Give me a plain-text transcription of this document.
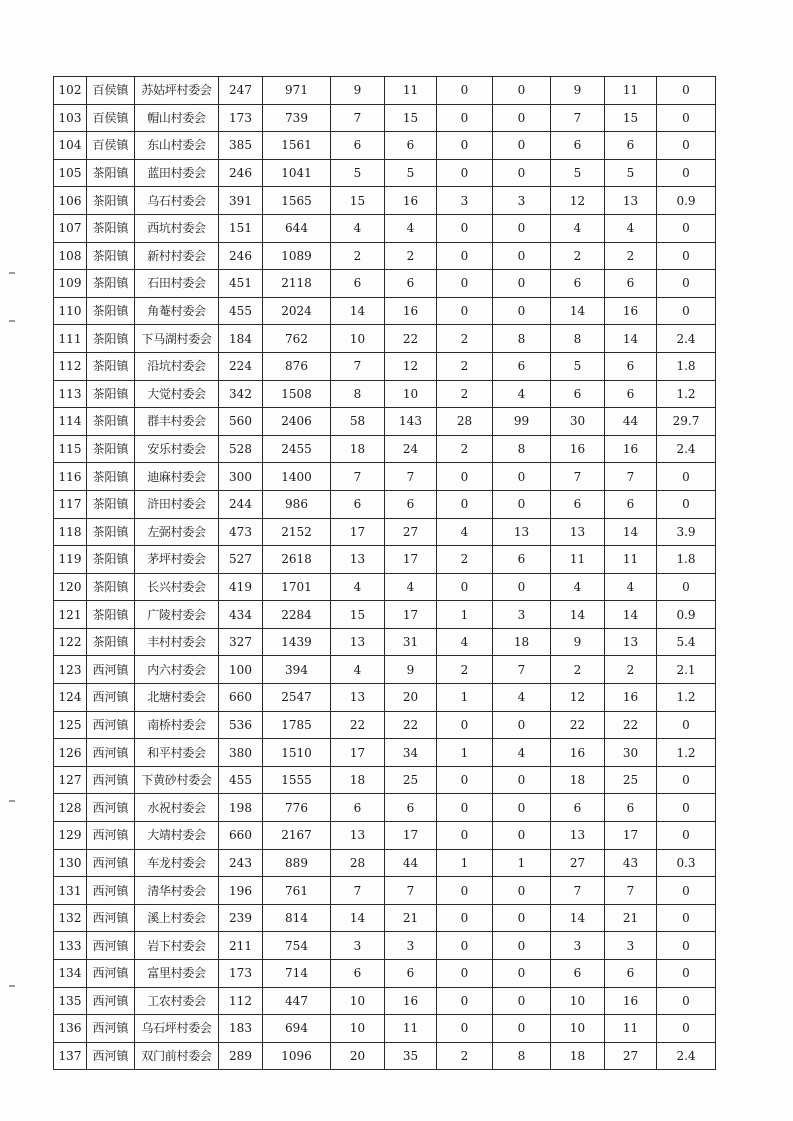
102	百侯镇	苏姑坪村委会	247	971	9	11	0	0	9	11	0
103	百侯镇	帽山村委会	173	739	7	15	0	0	7	15	0
104	百侯镇	东山村委会	385	1561	6	6	0	0	6	6	0
105	茶阳镇	蓝田村委会	246	1041	5	5	0	0	5	5	0
106	茶阳镇	乌石村委会	391	1565	15	16	3	3	12	13	0.9
107	茶阳镇	西坑村委会	151	644	4	4	0	0	4	4	0
108	茶阳镇	新村村委会	246	1089	2	2	0	0	2	2	0
109	茶阳镇	石田村委会	451	2118	6	6	0	0	6	6	0
110	茶阳镇	角菴村委会	455	2024	14	16	0	0	14	16	0
111	茶阳镇	下马湖村委会	184	762	10	22	2	8	8	14	2.4
112	茶阳镇	沿坑村委会	224	876	7	12	2	6	5	6	1.8
113	茶阳镇	大觉村委会	342	1508	8	10	2	4	6	6	1.2
114	茶阳镇	群丰村委会	560	2406	58	143	28	99	30	44	29.7
115	茶阳镇	安乐村委会	528	2455	18	24	2	8	16	16	2.4
116	茶阳镇	迪麻村委会	300	1400	7	7	0	0	7	7	0
117	茶阳镇	浒田村委会	244	986	6	6	0	0	6	6	0
118	茶阳镇	左弼村委会	473	2152	17	27	4	13	13	14	3.9
119	茶阳镇	茅坪村委会	527	2618	13	17	2	6	11	11	1.8
120	茶阳镇	长兴村委会	419	1701	4	4	0	0	4	4	0
121	茶阳镇	广陵村委会	434	2284	15	17	1	3	14	14	0.9
122	茶阳镇	丰村村委会	327	1439	13	31	4	18	9	13	5.4
123	西河镇	内六村委会	100	394	4	9	2	7	2	2	2.1
124	西河镇	北塘村委会	660	2547	13	20	1	4	12	16	1.2
125	西河镇	南桥村委会	536	1785	22	22	0	0	22	22	0
126	西河镇	和平村委会	380	1510	17	34	1	4	16	30	1.2
127	西河镇	下黄砂村委会	455	1555	18	25	0	0	18	25	0
128	西河镇	水祝村委会	198	776	6	6	0	0	6	6	0
129	西河镇	大靖村委会	660	2167	13	17	0	0	13	17	0
130	西河镇	车龙村委会	243	889	28	44	1	1	27	43	0.3
131	西河镇	清华村委会	196	761	7	7	0	0	7	7	0
132	西河镇	溪上村委会	239	814	14	21	0	0	14	21	0
133	西河镇	岩下村委会	211	754	3	3	0	0	3	3	0
134	西河镇	富里村委会	173	714	6	6	0	0	6	6	0
135	西河镇	工农村委会	112	447	10	16	0	0	10	16	0
136	西河镇	乌石坪村委会	183	694	10	11	0	0	10	11	0
137	西河镇	双门前村委会	289	1096	20	35	2	8	18	27	2.4
